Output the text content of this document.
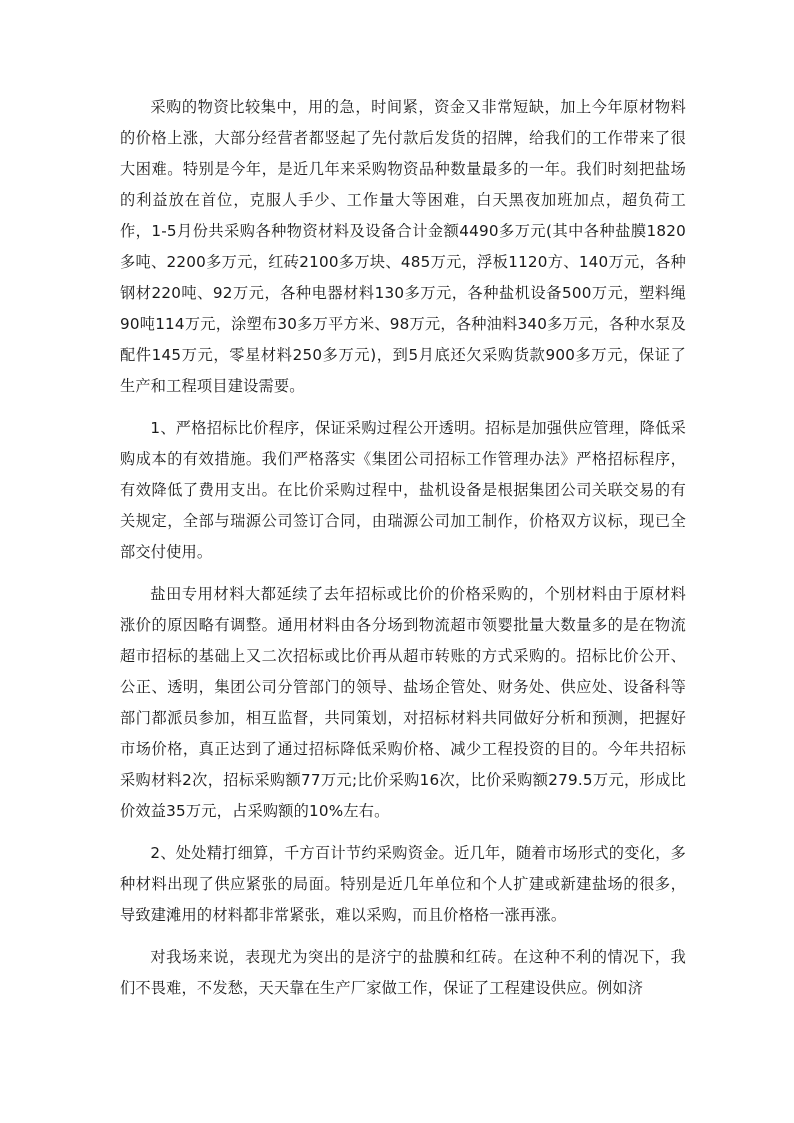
采购的物资比较集中，用的急，时间紧，资金又非常短缺，加上今年原材物料的价格上涨，大部分经营者都竖起了先付款后发货的招牌，给我们的工作带来了很大困难。特别是今年，是近几年来采购物资品种数量最多的一年。我们时刻把盐场的利益放在首位，克服人手少、工作量大等困难，白天黑夜加班加点，超负荷工作，1-5月份共采购各种物资材料及设备合计金额4490多万元(其中各种盐膜1820多吨、2200多万元，红砖2100多万块、485万元，浮板1120方、140万元，各种钢材220吨、92万元，各种电器材料130多万元，各种盐机设备500万元，塑料绳90吨114万元，涂塑布30多万平方米、98万元，各种油料340多万元，各种水泵及配件145万元，零星材料250多万元)，到5月底还欠采购货款900多万元，保证了生产和工程项目建设需要。

1、严格招标比价程序，保证采购过程公开透明。招标是加强供应管理，降低采购成本的有效措施。我们严格落实《集团公司招标工作管理办法》严格招标程序，有效降低了费用支出。在比价采购过程中，盐机设备是根据集团公司关联交易的有关规定，全部与瑞源公司签订合同，由瑞源公司加工制作，价格双方议标，现已全部交付使用。

盐田专用材料大都延续了去年招标或比价的价格采购的，个别材料由于原材料涨价的原因略有调整。通用材料由各分场到物流超市领婴批量大数量多的是在物流超市招标的基础上又二次招标或比价再从超市转账的方式采购的。招标比价公开、公正、透明，集团公司分管部门的领导、盐场企管处、财务处、供应处、设备科等部门都派员参加，相互监督，共同策划，对招标材料共同做好分析和预测，把握好市场价格，真正达到了通过招标降低采购价格、减少工程投资的目的。今年共招标采购材料2次，招标采购额77万元;比价采购16次，比价采购额279.5万元，形成比价效益35万元，占采购额的10%左右。

2、处处精打细算，千方百计节约采购资金。近几年，随着市场形式的变化，多种材料出现了供应紧张的局面。特别是近几年单位和个人扩建或新建盐场的很多，导致建滩用的材料都非常紧张，难以采购，而且价格格一涨再涨。

对我场来说，表现尤为突出的是济宁的盐膜和红砖。在这种不利的情况下，我们不畏难，不发愁，天天靠在生产厂家做工作，保证了工程建设供应。例如济
